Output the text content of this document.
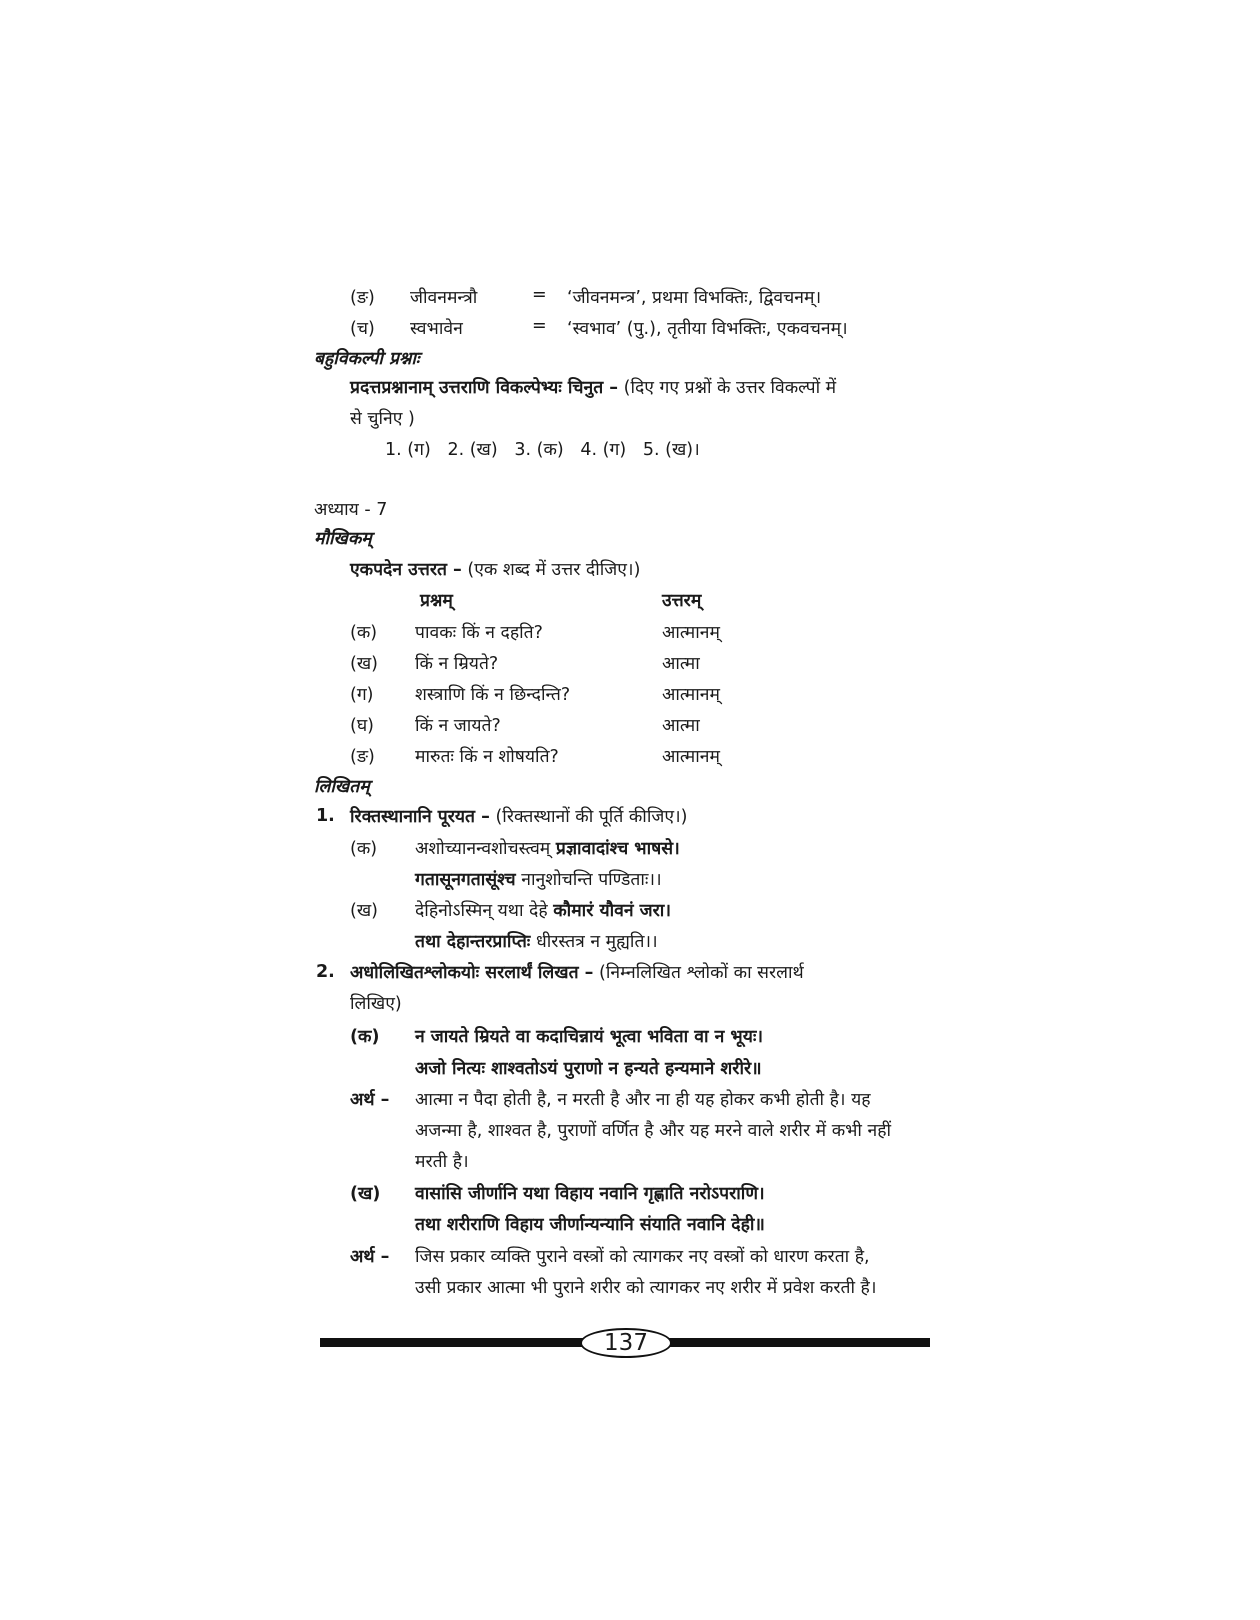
(ङ) जीवनमन्त्रौ	= ‘जीवनमन्त्र’, प्रथमा विभक्तिः, द्विवचनम्।
(च) स्वभावेन	= ‘स्वभाव’ (पु.), तृतीया विभक्तिः, एकवचनम्।
बहुविकल्पी प्रश्नाः
प्रदत्तप्रश्नानाम् उत्तराणि विकल्पेभ्यः चिनुत – (दिए गए प्रश्नों के उत्तर विकल्पों में
से चुनिए )
1. (ग)   2. (ख)   3. (क)   4. (ग)   5. (ख)।
अध्याय - 7
मौखिकम्
एकपदेन उत्तरत – (एक शब्द में उत्तर दीजिए।)
प्रश्नम्	उत्तरम्
(क) पावकः किं न दहति?	आत्मानम्
(ख) किं न म्रियते?	आत्मा
(ग) शस्त्राणि किं न छिन्दन्ति?	आत्मानम्
(घ) किं न जायते?	आत्मा
(ङ) मारुतः किं न शोषयति?	आत्मानम्
लिखितम्
1. रिक्तस्थानानि पूरयत – (रिक्तस्थानों की पूर्ति कीजिए।)
(क) अशोच्यानन्वशोचस्त्वम् प्रज्ञावादांश्च भाषसे।
गतासूनगतासूंश्च नानुशोचन्ति पण्डिताः।।
(ख) देहिनोऽस्मिन् यथा देहे कौमारं यौवनं जरा।
तथा देहान्तरप्राप्तिः धीरस्तत्र न मुह्यति।।
2. अधोलिखितश्लोकयोः सरलार्थं लिखत – (निम्नलिखित श्लोकों का सरलार्थ
लिखिए)
(क) न जायते म्रियते वा कदाचिन्नायं भूत्वा भविता वा न भूयः।
अजो नित्यः शाश्वतोऽयं पुराणो न हन्यते हन्यमाने शरीरे॥
अर्थ – आत्मा न पैदा होती है, न मरती है और ना ही यह होकर कभी होती है। यह
अजन्मा है, शाश्वत है, पुराणों वर्णित है और यह मरने वाले शरीर में कभी नहीं
मरती है।
(ख) वासांसि जीर्णानि यथा विहाय नवानि गृह्णाति नरोऽपराणि।
तथा शरीराणि विहाय जीर्णान्यन्यानि संयाति नवानि देही॥
अर्थ – जिस प्रकार व्यक्ति पुराने वस्त्रों को त्यागकर नए वस्त्रों को धारण करता है,
उसी प्रकार आत्मा भी पुराने शरीर को त्यागकर नए शरीर में प्रवेश करती है।
137
